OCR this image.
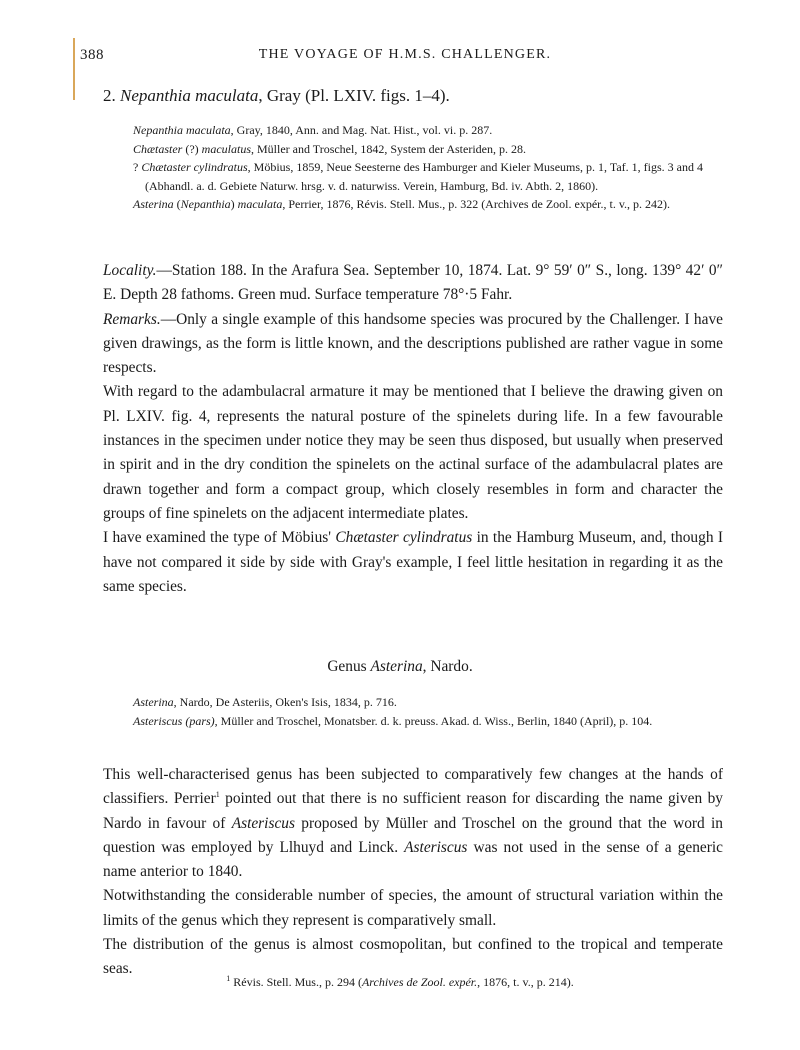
388	THE VOYAGE OF H.M.S. CHALLENGER.
2. Nepanthia maculata, Gray (Pl. LXIV. figs. 1–4).

Nepanthia maculata, Gray, 1840, Ann. and Mag. Nat. Hist., vol. vi. p. 287.

Chætaster (?) maculatus, Müller and Troschel, 1842, System der Asteriden, p. 28.

? Chætaster cylindratus, Möbius, 1859, Neue Seesterne des Hamburger and Kieler Museums, p. 1, Taf. 1, figs. 3 and 4 (Abhandl. a. d. Gebiete Naturw. hrsg. v. d. naturwiss. Verein, Hamburg, Bd. iv. Abth. 2, 1860).

Asterina (Nepanthia) maculata, Perrier, 1876, Révis. Stell. Mus., p. 322 (Archives de Zool. expér., t. v., p. 242).

Locality.—Station 188. In the Arafura Sea. September 10, 1874. Lat. 9° 59′ 0″ S., long. 139° 42′ 0″ E. Depth 28 fathoms. Green mud. Surface temperature 78°·5 Fahr.

Remarks.—Only a single example of this handsome species was procured by the Challenger. I have given drawings, as the form is little known, and the descriptions published are rather vague in some respects.

With regard to the adambulacral armature it may be mentioned that I believe the drawing given on Pl. LXIV. fig. 4, represents the natural posture of the spinelets during life. In a few favourable instances in the specimen under notice they may be seen thus disposed, but usually when preserved in spirit and in the dry condition the spinelets on the actinal surface of the adambulacral plates are drawn together and form a compact group, which closely resembles in form and character the groups of fine spinelets on the adjacent intermediate plates.

I have examined the type of Möbius' Chætaster cylindratus in the Hamburg Museum, and, though I have not compared it side by side with Gray's example, I feel little hesitation in regarding it as the same species.

Genus Asterina, Nardo.

Asterina, Nardo, De Asteriis, Oken's Isis, 1834, p. 716.

Asteriscus (pars), Müller and Troschel, Monatsber. d. k. preuss. Akad. d. Wiss., Berlin, 1840 (April), p. 104.

This well-characterised genus has been subjected to comparatively few changes at the hands of classifiers. Perrier$^1$ pointed out that there is no sufficient reason for discarding the name given by Nardo in favour of Asteriscus proposed by Müller and Troschel on the ground that the word in question was employed by Llhuyd and Linck. Asteriscus was not used in the sense of a generic name anterior to 1840.

Notwithstanding the considerable number of species, the amount of structural variation within the limits of the genus which they represent is comparatively small.

The distribution of the genus is almost cosmopolitan, but confined to the tropical and temperate seas.

$^1$ Révis. Stell. Mus., p. 294 (Archives de Zool. expér., 1876, t. v., p. 214).
